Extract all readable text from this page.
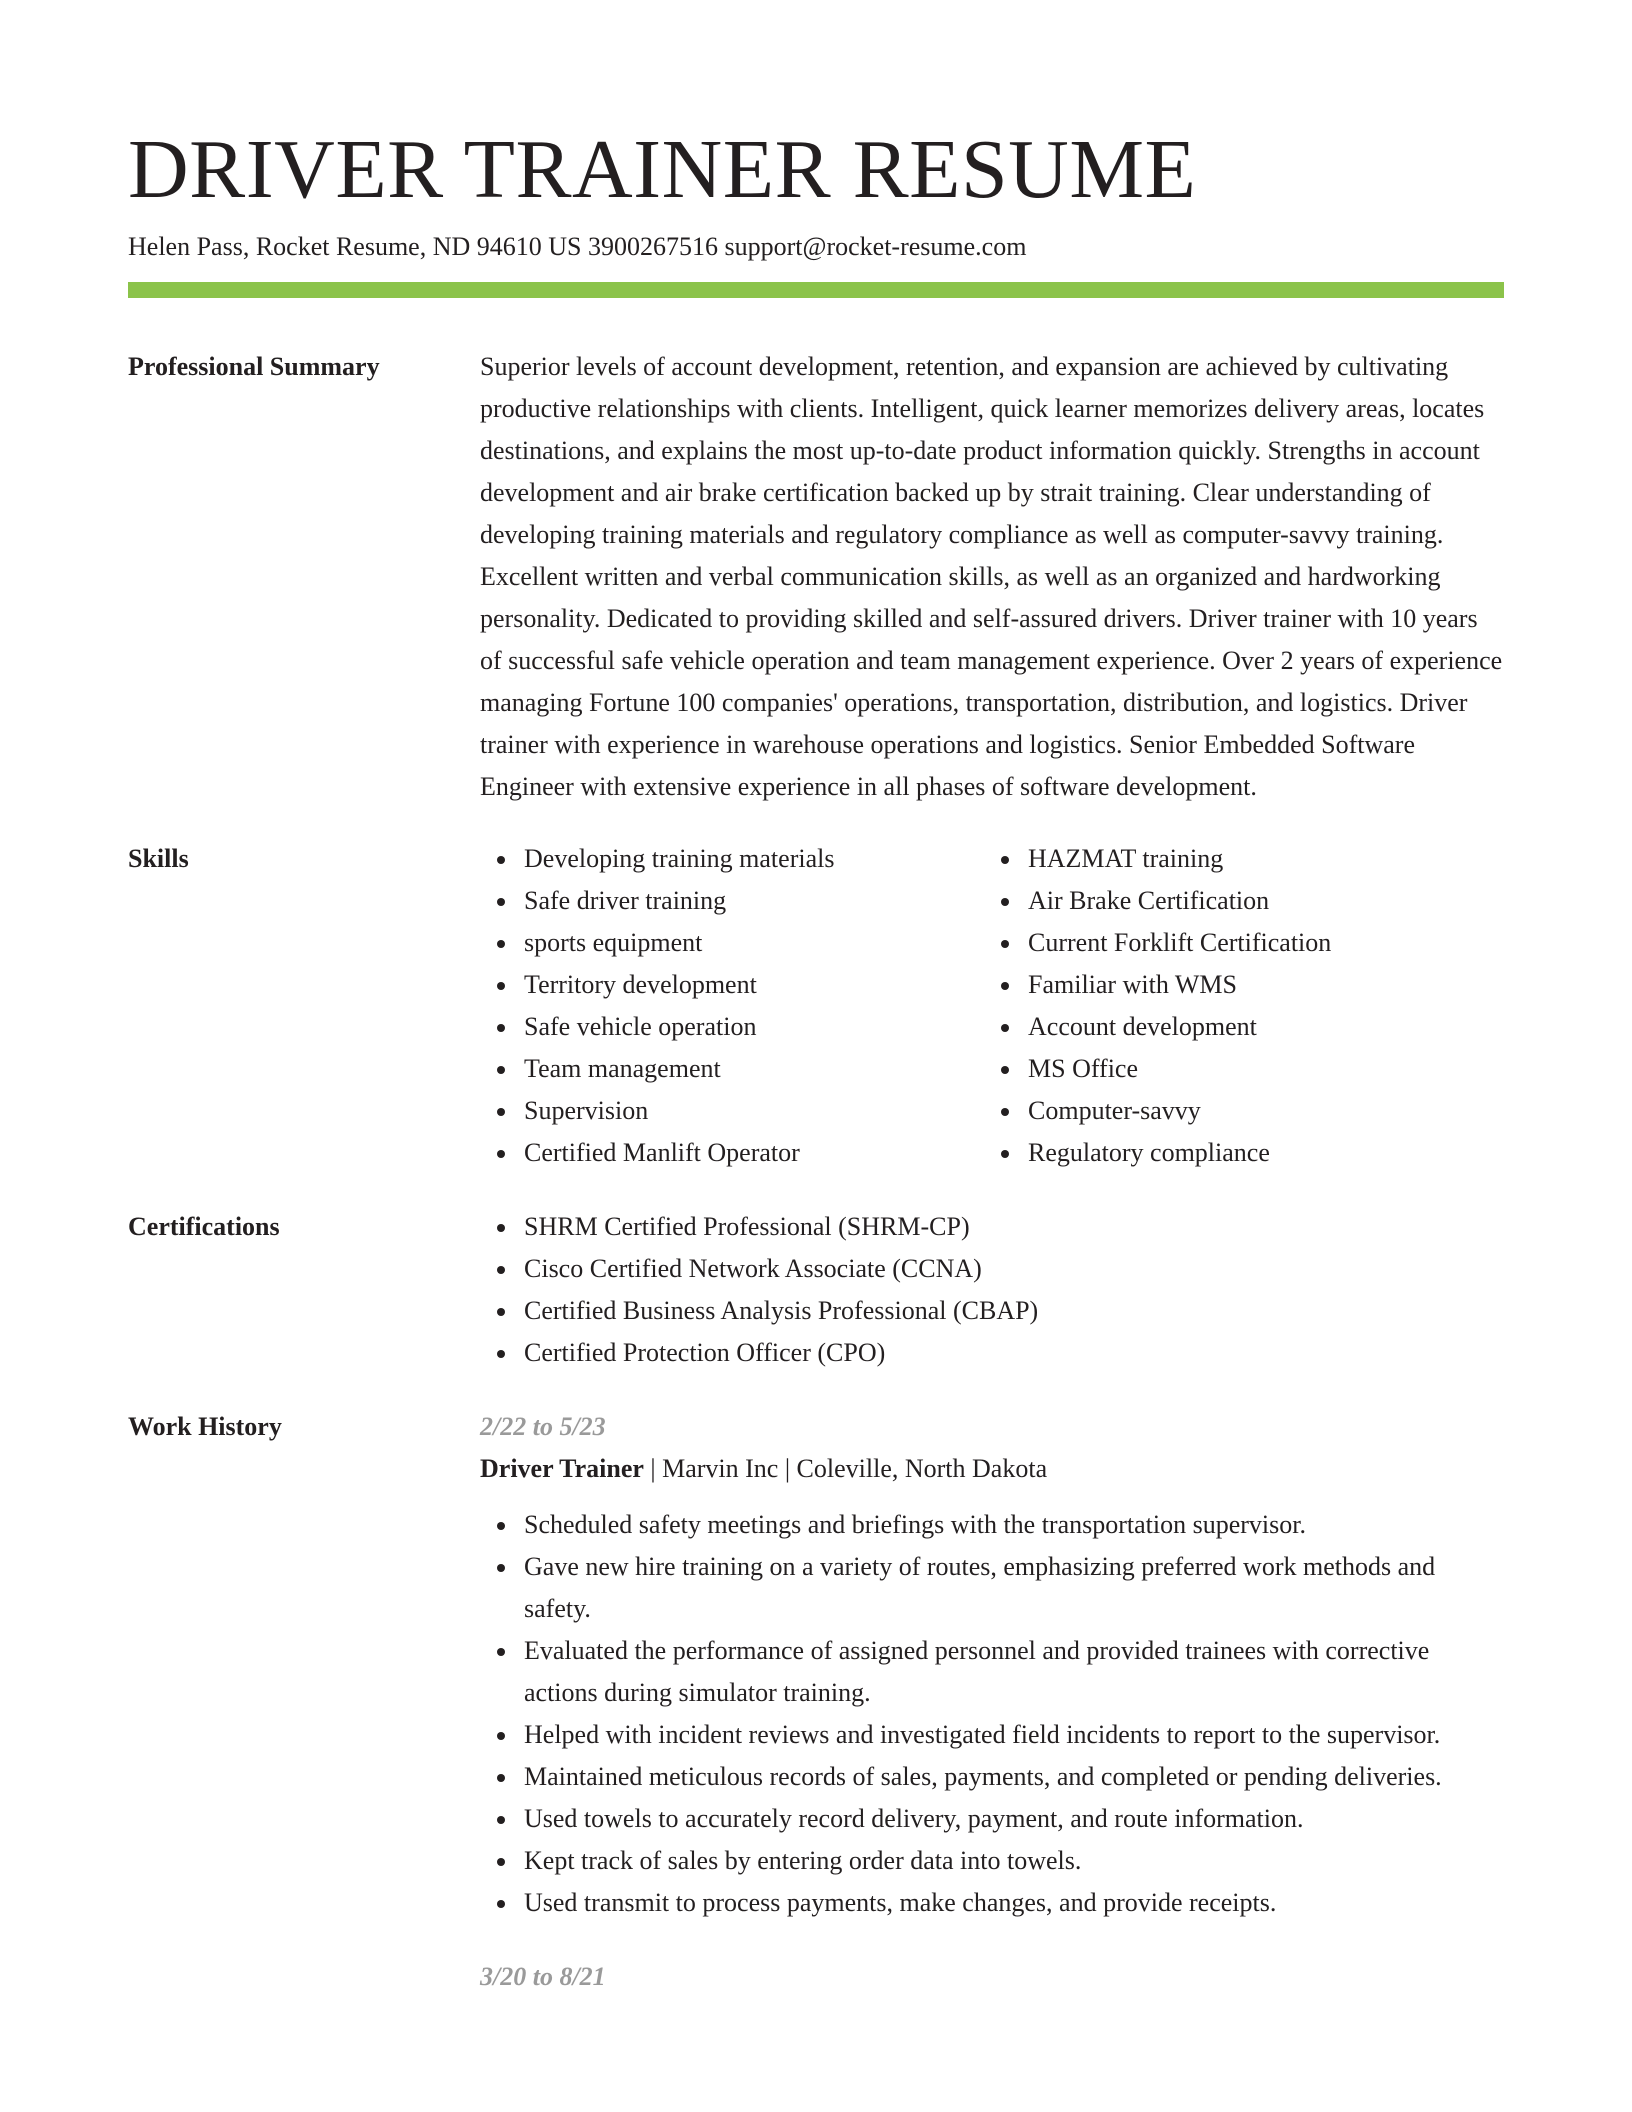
DRIVER TRAINER RESUME
Helen Pass, Rocket Resume, ND 94610 US 3900267516 support@rocket-resume.com
Professional Summary	Superior levels of account development, retention, and expansion are achieved by cultivating productive relationships with clients. Intelligent, quick learner memorizes delivery areas, locates destinations, and explains the most up-to-date product information quickly. Strengths in account development and air brake certification backed up by strait training. Clear understanding of developing training materials and regulatory compliance as well as computer-savvy training. Excellent written and verbal communication skills, as well as an organized and hardworking personality. Dedicated to providing skilled and self-assured drivers. Driver trainer with 10 years of successful safe vehicle operation and team management experience. Over 2 years of experience managing Fortune 100 companies' operations, transportation, distribution, and logistics. Driver trainer with experience in warehouse operations and logistics. Senior Embedded Software Engineer with extensive experience in all phases of software development.

Skills	Developing training materials
Safe driver training
sports equipment
Territory development
Safe vehicle operation
Team management
Supervision
Certified Manlift Operator
HAZMAT training
Air Brake Certification
Current Forklift Certification
Familiar with WMS
Account development
MS Office
Computer-savvy
Regulatory compliance
Certifications	SHRM Certified Professional (SHRM-CP)
Cisco Certified Network Associate (CCNA)
Certified Business Analysis Professional (CBAP)
Certified Protection Officer (CPO)
Work History	2/22 to 5/23
Driver Trainer | Marvin Inc | Coleville, North Dakota
Scheduled safety meetings and briefings with the transportation supervisor.
Gave new hire training on a variety of routes, emphasizing preferred work methods and safety.
Evaluated the performance of assigned personnel and provided trainees with corrective actions during simulator training.
Helped with incident reviews and investigated field incidents to report to the supervisor.
Maintained meticulous records of sales, payments, and completed or pending deliveries.
Used towels to accurately record delivery, payment, and route information.
Kept track of sales by entering order data into towels.
Used transmit to process payments, make changes, and provide receipts.
3/20 to 8/21
